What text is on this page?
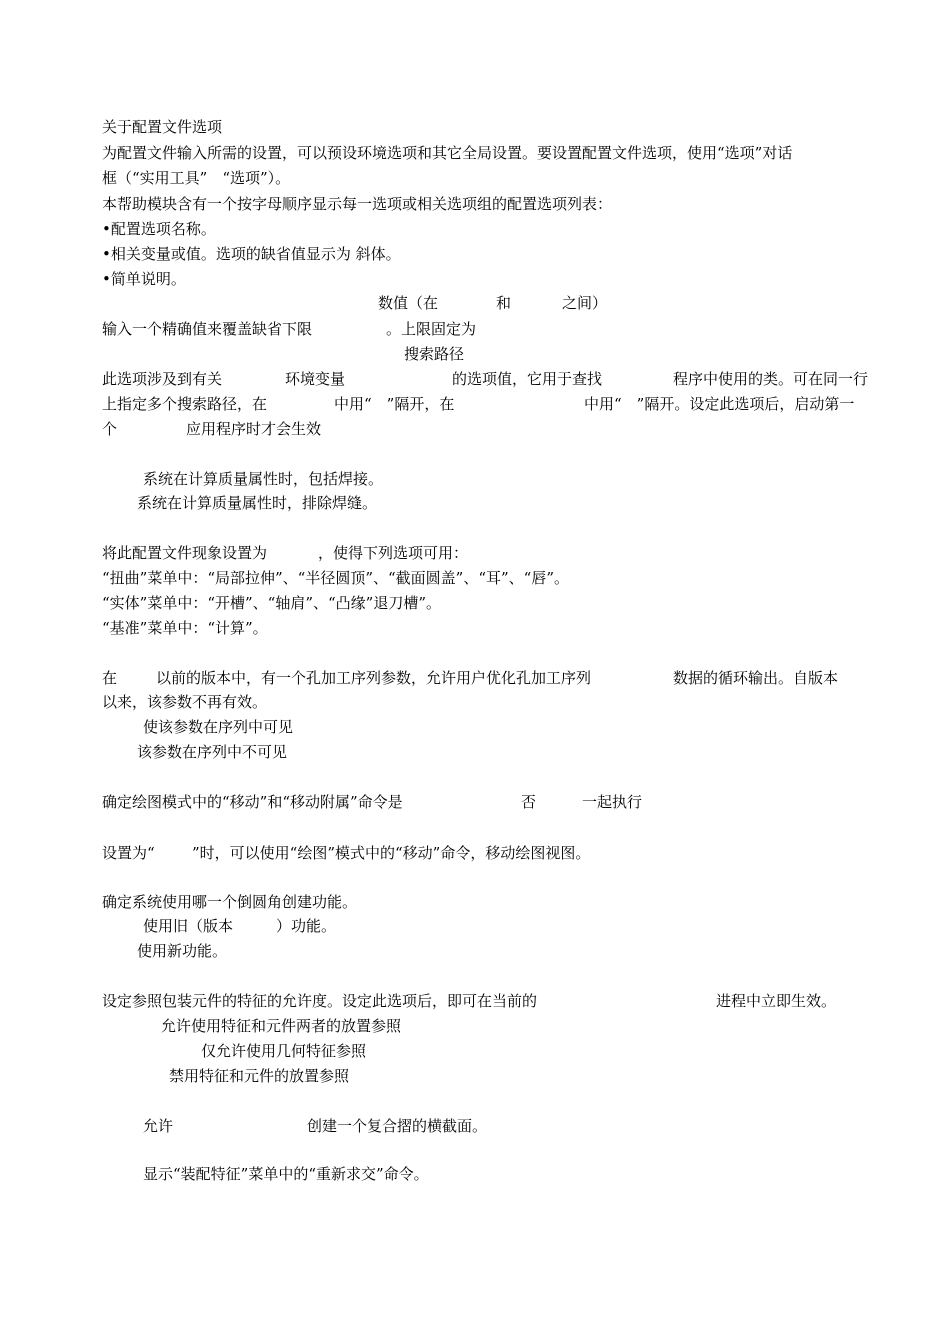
关于配置文件选项
为配置文件输入所需的设置，可以预设环境选项和其它全局设置。要设置配置文件选项，使用“选项”对话
框（“实用工具”　“选项”）。
本帮助模块含有一个按字母顺序显示每一选项或相关选项组的配置选项列表：
•配置选项名称。
•相关变量或值。选项的缺省值显示为 斜体。
•简单说明。
数值（在	和	之间）
输入一个精确值来覆盖缺省下限	。上限固定为
搜索路径
此选项涉及到有关	环境变量	的选项值，它用于查找	程序中使用的类。可在同一行
上指定多个搜索路径，在	中用“　”隔开，在	中用“　”隔开。设定此选项后，启动第一
个	应用程序时才会生效
系统在计算质量属性时，包括焊接。
系统在计算质量属性时，排除焊缝。
将此配置文件现象设置为	，使得下列选项可用：
“扭曲”菜单中：“局部拉伸”、“半径圆顶”、“截面圆盖”、“耳”、“唇”。
“实体”菜单中：“开槽”、“轴肩”、“凸缘”退刀槽”。
“基准”菜单中：“计算”。
在	以前的版本中，有一个孔加工序列参数，允许用户优化孔加工序列	数据的循环输出。自版本
以来，该参数不再有效。
使该参数在序列中可见
该参数在序列中不可见
确定绘图模式中的“移动”和“移动附属”命令是	否	一起执行
设置为“ ”时，可以使用“绘图”模式中的“移动”命令，移动绘图视图。
确定系统使用哪一个倒圆角创建功能。
使用旧（版本	）功能。
使用新功能。
设定参照包装元件的特征的允许度。设定此选项后，即可在当前的	进程中立即生效。
允许使用特征和元件两者的放置参照
仅允许使用几何特征参照
禁用特征和元件的放置参照
允许	创建一个复合摺的横截面。
显示“装配特征”菜单中的“重新求交”命令。
